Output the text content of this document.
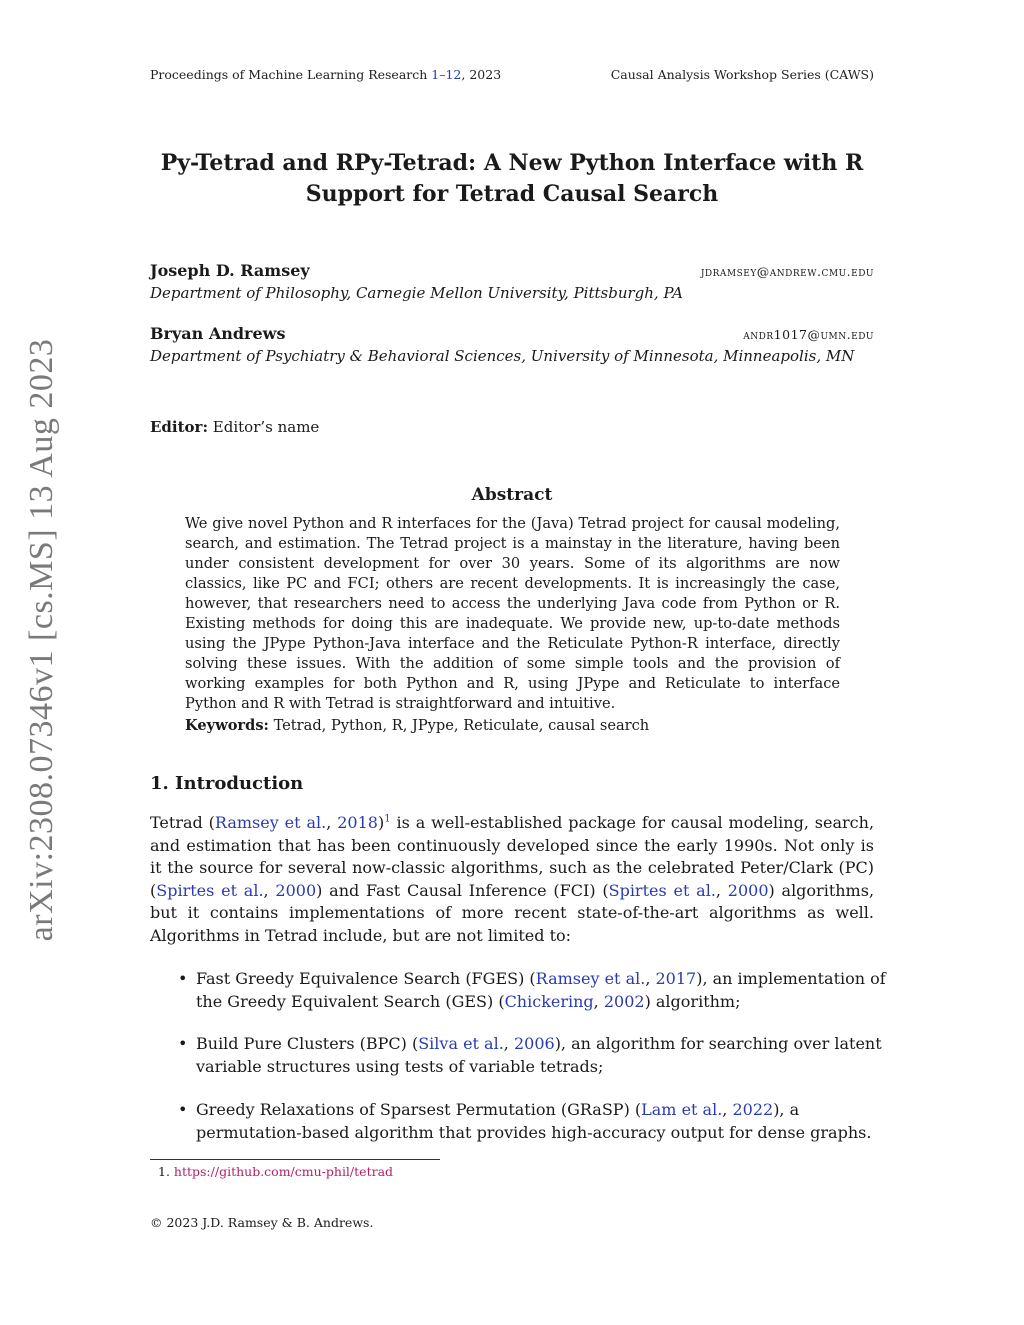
arXiv:2308.07346v1 [cs.MS] 13 Aug 2023
Proceedings of Machine Learning Research 1–12, 2023	Causal Analysis Workshop Series (CAWS)
Py-Tetrad and RPy-Tetrad: A New Python Interface with R
Support for Tetrad Causal Search
Joseph D. Ramsey	jdramsey@andrew.cmu.edu
Department of Philosophy, Carnegie Mellon University, Pittsburgh, PA
Bryan Andrews	andr1017@umn.edu
Department of Psychiatry & Behavioral Sciences, University of Minnesota, Minneapolis, MN
Editor: Editor’s name
Abstract
We give novel Python and R interfaces for the (Java) Tetrad project for causal modeling, search, and estimation. The Tetrad project is a mainstay in the literature, having been under consistent development for over 30 years. Some of its algorithms are now classics, like PC and FCI; others are recent developments. It is increasingly the case, however, that researchers need to access the underlying Java code from Python or R. Existing methods for doing this are inadequate. We provide new, up-to-date methods using the JPype Python-Java interface and the Reticulate Python-R interface, directly solving these issues. With the addition of some simple tools and the provision of working examples for both Python and R, using JPype and Reticulate to interface Python and R with Tetrad is straightforward and intuitive.
Keywords: Tetrad, Python, R, JPype, Reticulate, causal search
1. Introduction
Tetrad (Ramsey et al., 2018)$^1$ is a well-established package for causal modeling, search, and estimation that has been continuously developed since the early 1990s. Not only is it the source for several now-classic algorithms, such as the celebrated Peter/Clark (PC) (Spirtes et al., 2000) and Fast Causal Inference (FCI) (Spirtes et al., 2000) algorithms, but it contains implementations of more recent state-of-the-art algorithms as well. Algorithms in Tetrad include, but are not limited to:
• Fast Greedy Equivalence Search (FGES) (Ramsey et al., 2017), an implementation of the Greedy Equivalent Search (GES) (Chickering, 2002) algorithm;
• Build Pure Clusters (BPC) (Silva et al., 2006), an algorithm for searching over latent variable structures using tests of variable tetrads;
• Greedy Relaxations of Sparsest Permutation (GRaSP) (Lam et al., 2022), a permutation-based algorithm that provides high-accuracy output for dense graphs.
1. https://github.com/cmu-phil/tetrad
© 2023 J.D. Ramsey & B. Andrews.
